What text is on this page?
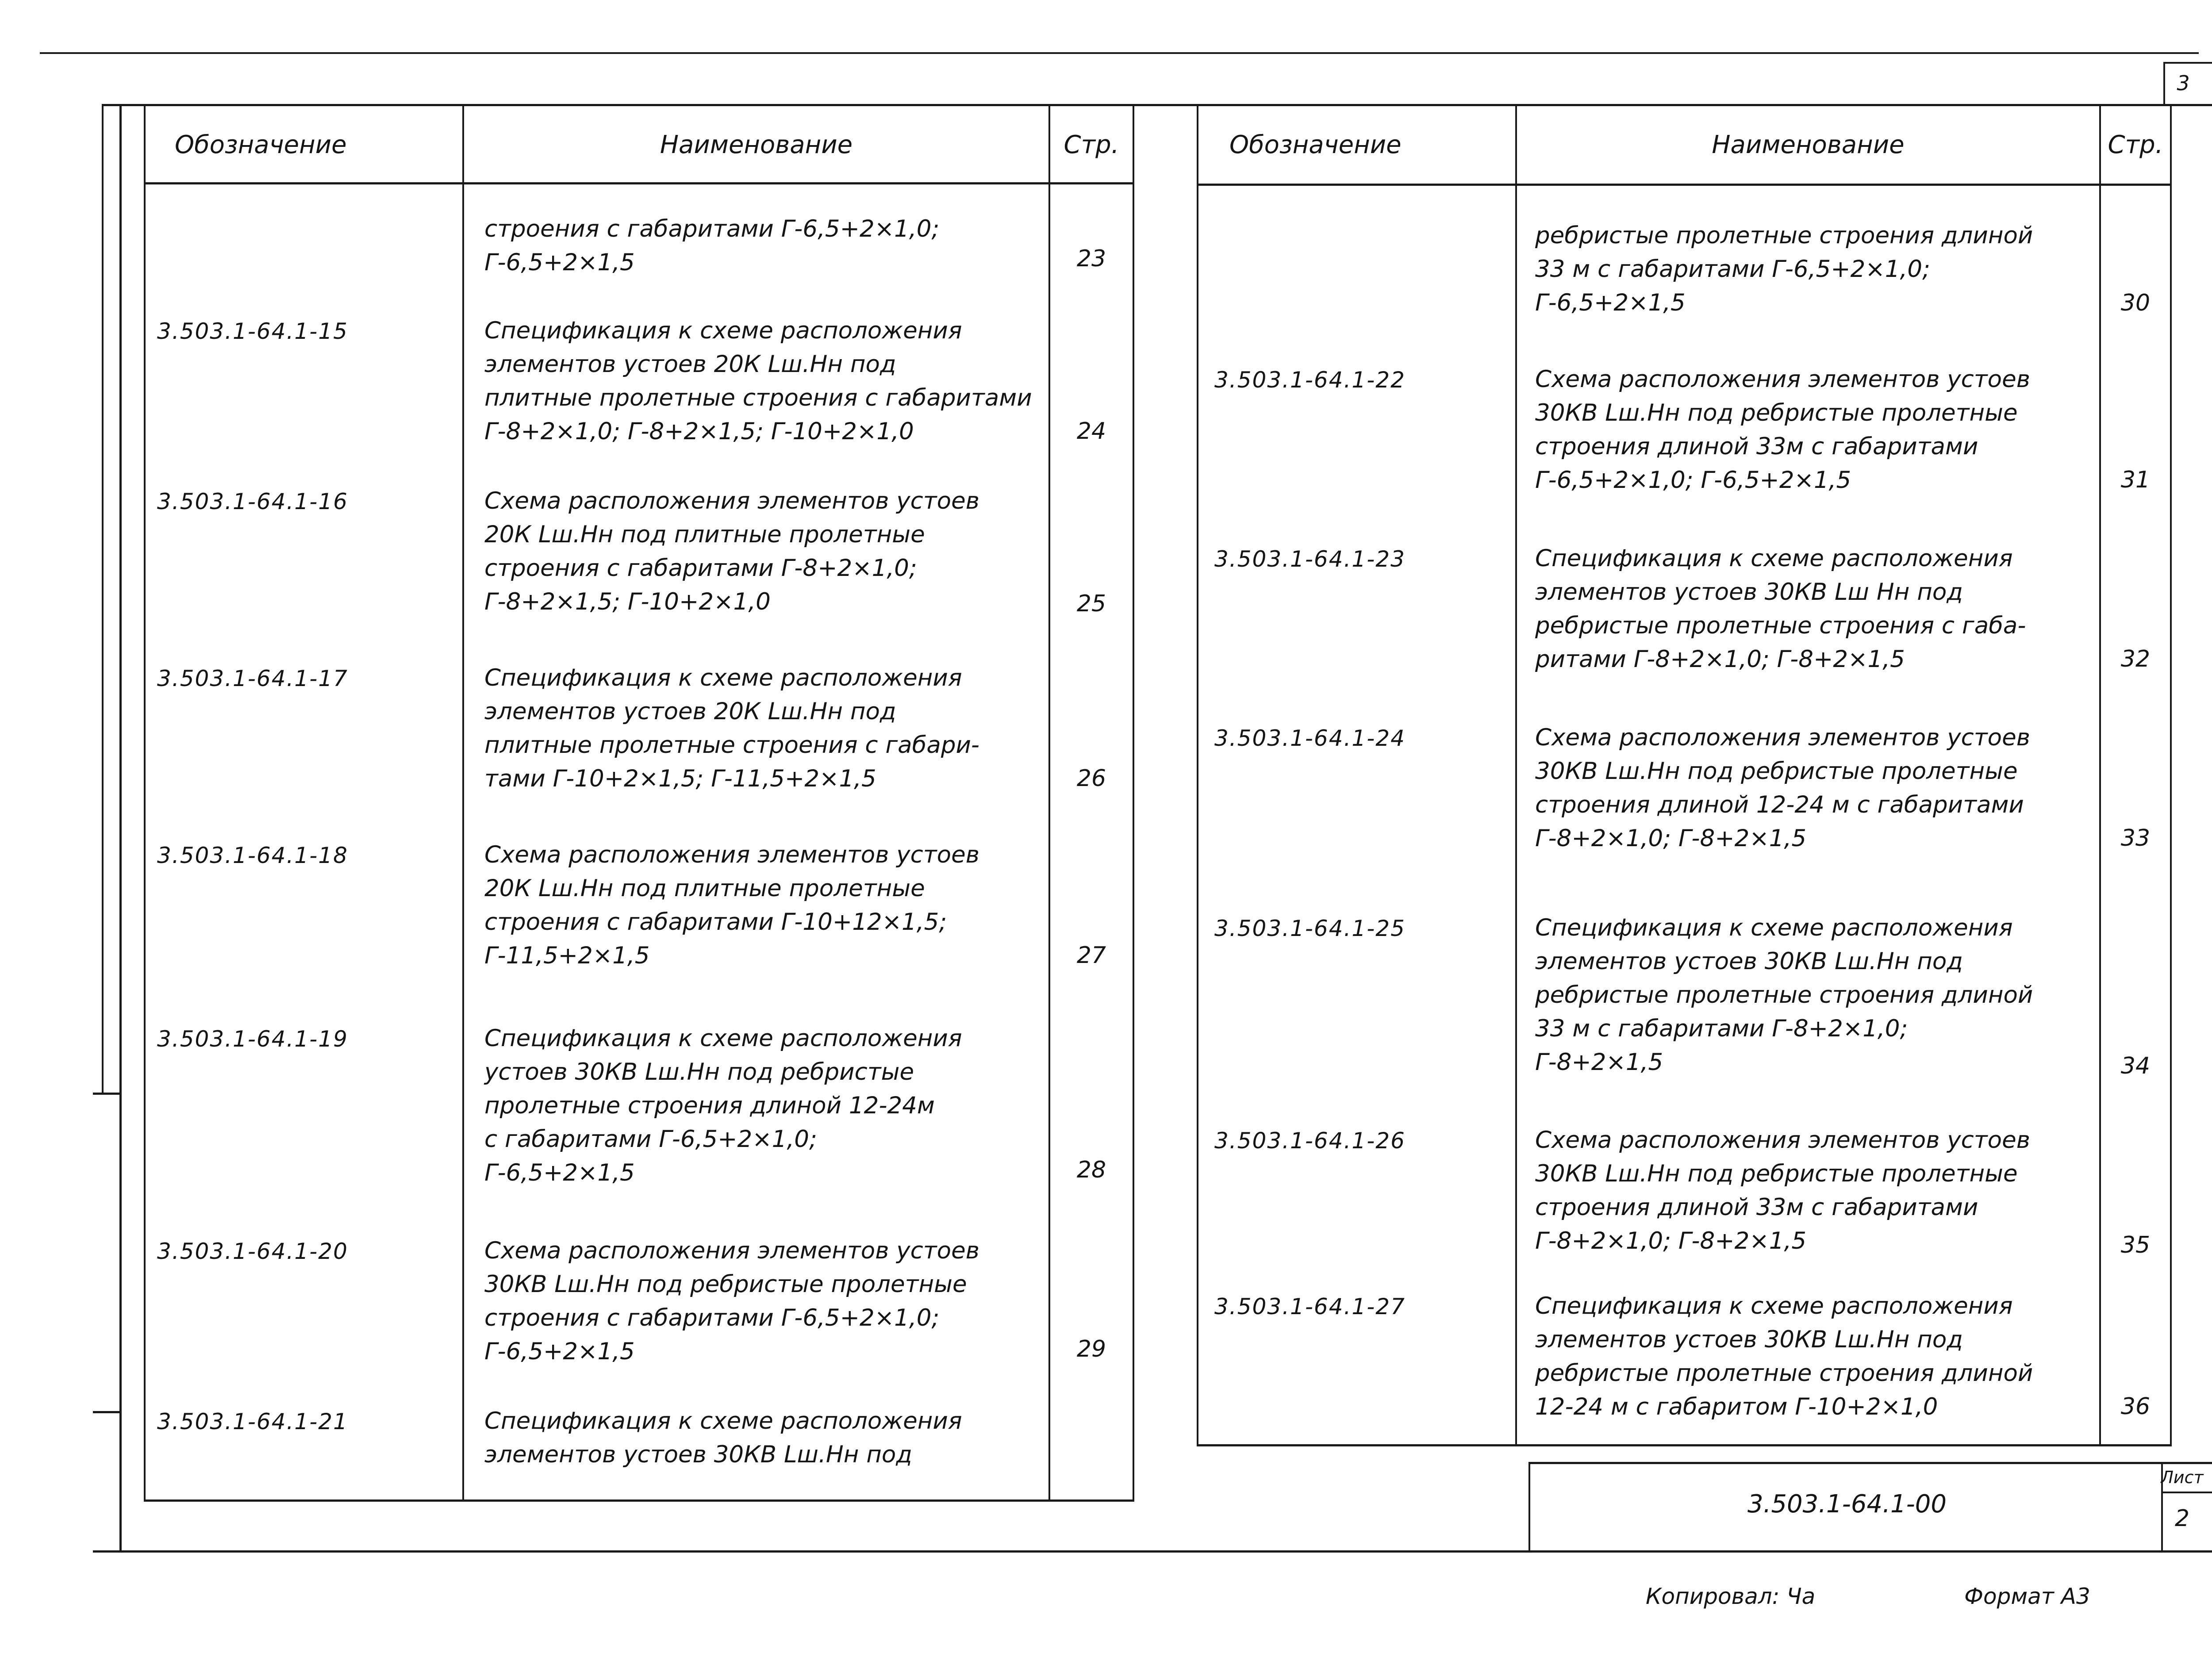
3
Обозначение	Наименование	Стр.
строения с габаритами Г-6,5+2×1,0;
Г-6,5+2×1,5	23
3.503.1-64.1-15	Спецификация к схеме расположения
элементов устоев 20К Lш.Нн под
плитные пролетные строения с габаритами
Г-8+2×1,0; Г-8+2×1,5; Г-10+2×1,0	24
3.503.1-64.1-16	Схема расположения элементов устоев
20К Lш.Нн под плитные пролетные
строения с габаритами Г-8+2×1,0;
Г-8+2×1,5; Г-10+2×1,0	25
3.503.1-64.1-17	Спецификация к схеме расположения
элементов устоев 20К Lш.Нн под
плитные пролетные строения с габари-
тами Г-10+2×1,5; Г-11,5+2×1,5	26
3.503.1-64.1-18	Схема расположения элементов устоев
20К Lш.Нн под плитные пролетные
строения с габаритами Г-10+12×1,5;
Г-11,5+2×1,5	27
3.503.1-64.1-19	Спецификация к схеме расположения
устоев 30КВ Lш.Нн под ребристые
пролетные строения длиной 12-24м
с габаритами Г-6,5+2×1,0;
Г-6,5+2×1,5	28
3.503.1-64.1-20	Схема расположения элементов устоев
30КВ Lш.Нн под ребристые пролетные
строения с габаритами Г-6,5+2×1,0;
Г-6,5+2×1,5	29
3.503.1-64.1-21	Спецификация к схеме расположения
элементов устоев 30КВ Lш.Нн под
Обозначение	Наименование	Стр.
ребристые пролетные строения длиной
33 м с габаритами Г-6,5+2×1,0;
Г-6,5+2×1,5	30
3.503.1-64.1-22	Схема расположения элементов устоев
30КВ Lш.Нн под ребристые пролетные
строения длиной 33м с габаритами
Г-6,5+2×1,0; Г-6,5+2×1,5	31
3.503.1-64.1-23	Спецификация к схеме расположения
элементов устоев 30КВ Lш Нн под
ребристые пролетные строения с габа-
ритами Г-8+2×1,0; Г-8+2×1,5	32
3.503.1-64.1-24	Схема расположения элементов устоев
30КВ Lш.Нн под ребристые пролетные
строения длиной 12-24 м с габаритами
Г-8+2×1,0; Г-8+2×1,5	33
3.503.1-64.1-25	Спецификация к схеме расположения
элементов устоев 30КВ Lш.Нн под
ребристые пролетные строения длиной
33 м с габаритами Г-8+2×1,0;
Г-8+2×1,5	34
3.503.1-64.1-26	Схема расположения элементов устоев
30КВ Lш.Нн под ребристые пролетные
строения длиной 33м с габаритами
Г-8+2×1,0; Г-8+2×1,5	35
3.503.1-64.1-27	Спецификация к схеме расположения
элементов устоев 30КВ Lш.Нн под
ребристые пролетные строения длиной
12-24 м с габаритом Г-10+2×1,0	36
3.503.1-64.1-00
Лист
2
Копировал: Ча	Формат А3
